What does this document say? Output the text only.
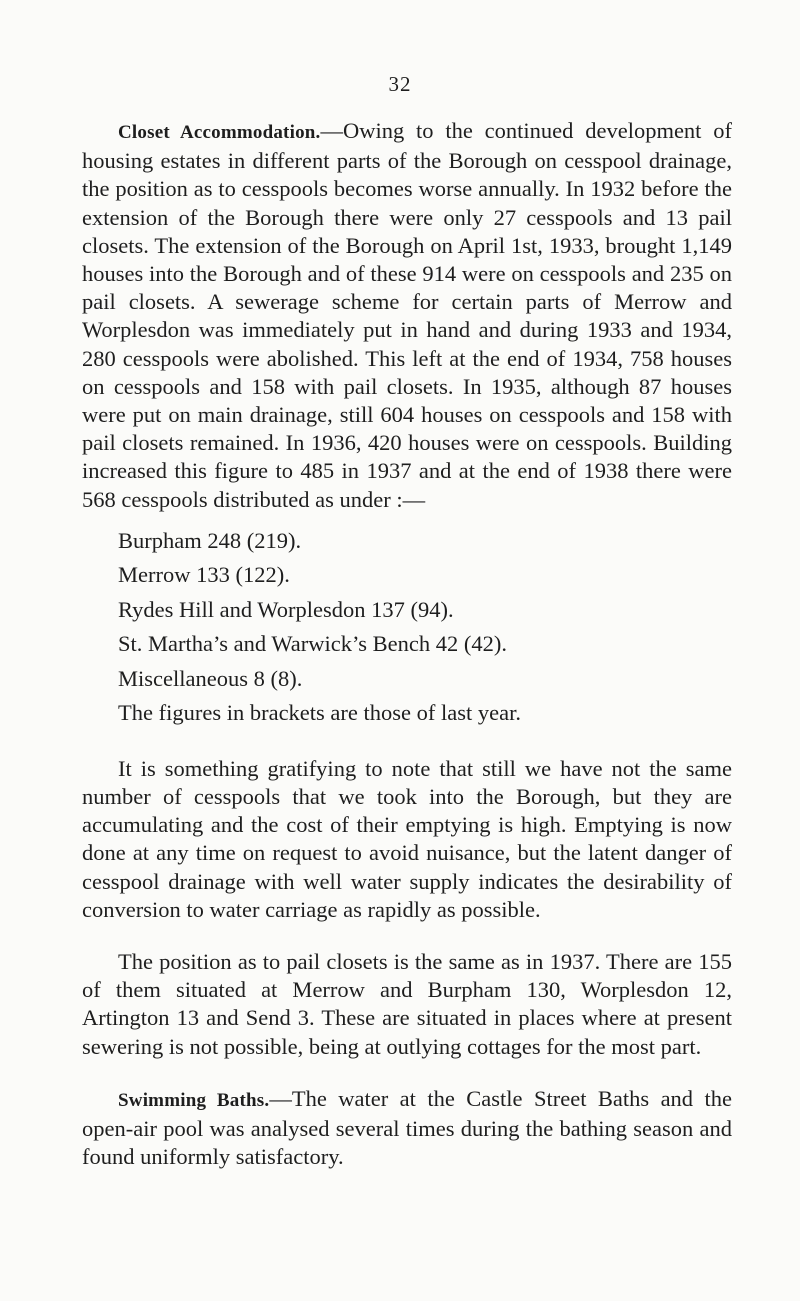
32

Closet Accommodation.—Owing to the continued development of housing estates in different parts of the Borough on cesspool drainage, the position as to cesspools becomes worse annually. In 1932 before the extension of the Borough there were only 27 cesspools and 13 pail closets. The extension of the Borough on April 1st, 1933, brought 1,149 houses into the Borough and of these 914 were on cesspools and 235 on pail closets. A sewerage scheme for certain parts of Merrow and Worplesdon was immediately put in hand and during 1933 and 1934, 280 cesspools were abolished. This left at the end of 1934, 758 houses on cesspools and 158 with pail closets. In 1935, although 87 houses were put on main drainage, still 604 houses on cesspools and 158 with pail closets remained. In 1936, 420 houses were on cesspools. Building increased this figure to 485 in 1937 and at the end of 1938 there were 568 cesspools distributed as under :—

Burpham 248 (219).
Merrow 133 (122).
Rydes Hill and Worplesdon 137 (94).
St. Martha’s and Warwick’s Bench 42 (42).
Miscellaneous 8 (8).

The figures in brackets are those of last year.

It is something gratifying to note that still we have not the same number of cesspools that we took into the Borough, but they are accumulating and the cost of their emptying is high. Emptying is now done at any time on request to avoid nuisance, but the latent danger of cesspool drainage with well water supply indicates the desirability of conversion to water carriage as rapidly as possible.

The position as to pail closets is the same as in 1937. There are 155 of them situated at Merrow and Burpham 130, Worplesdon 12, Artington 13 and Send 3. These are situated in places where at present sewering is not possible, being at outlying cottages for the most part.

Swimming Baths.—The water at the Castle Street Baths and the open-air pool was analysed several times during the bathing season and found uniformly satisfactory.
